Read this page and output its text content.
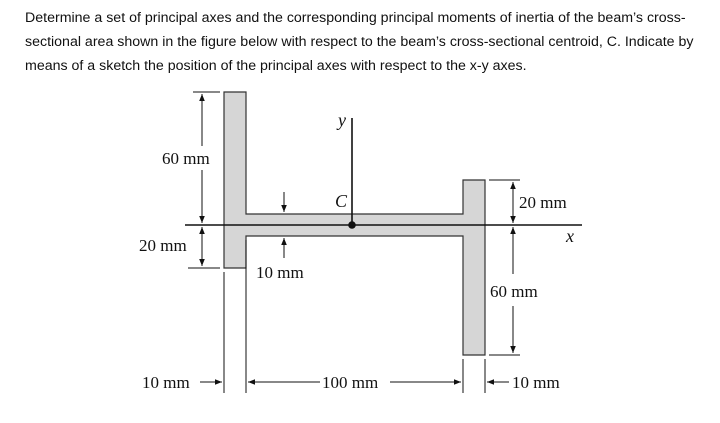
Determine a set of principal axes and the corresponding principal moments of inertia of the beam’s cross-sectional area shown in the figure below with respect to the beam’s cross-sectional centroid, C. Indicate by means of a sketch the position of the principal axes with respect to the x-y axes.

y
x
C
60 mm
20 mm
10 mm
20 mm
60 mm
10 mm	100 mm	10 mm
